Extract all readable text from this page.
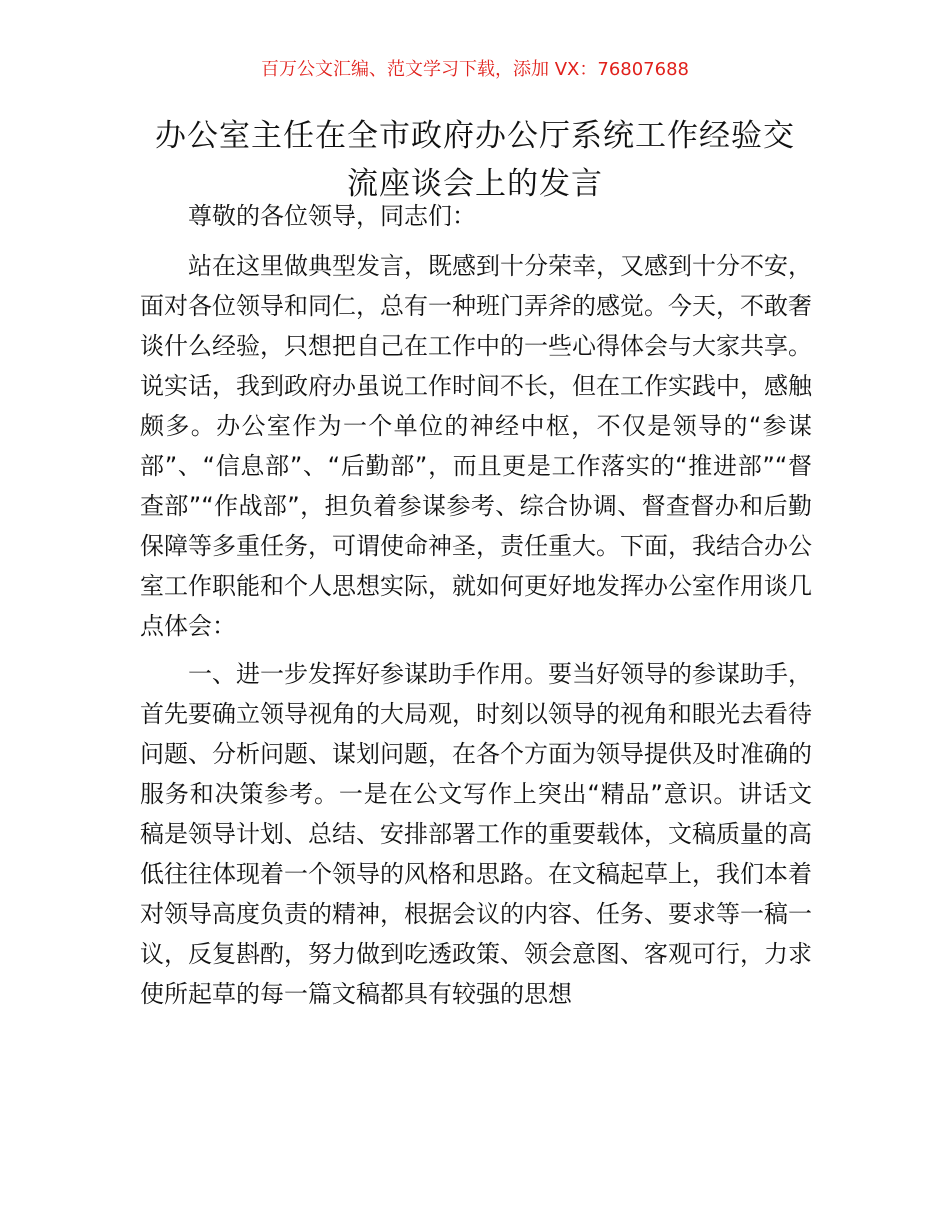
百万公文汇编、范文学习下载，添加 VX：76807688
办公室主任在全市政府办公厅系统工作经验交
流座谈会上的发言

尊敬的各位领导，同志们：

站在这里做典型发言，既感到十分荣幸，又感到十分不安，面对各位领导和同仁，总有一种班门弄斧的感觉。今天，不敢奢谈什么经验，只想把自己在工作中的一些心得体会与大家共享。说实话，我到政府办虽说工作时间不长，但在工作实践中，感触颇多。办公室作为一个单位的神经中枢，不仅是领导的“参谋部”、“信息部”、“后勤部”，而且更是工作落实的“推进部”“督查部”“作战部”，担负着参谋参考、综合协调、督查督办和后勤保障等多重任务，可谓使命神圣，责任重大。下面，我结合办公室工作职能和个人思想实际，就如何更好地发挥办公室作用谈几点体会：

一、进一步发挥好参谋助手作用。要当好领导的参谋助手，首先要确立领导视角的大局观，时刻以领导的视角和眼光去看待问题、分析问题、谋划问题，在各个方面为领导提供及时准确的服务和决策参考。一是在公文写作上突出“精品”意识。讲话文稿是领导计划、总结、安排部署工作的重要载体，文稿质量的高低往往体现着一个领导的风格和思路。在文稿起草上，我们本着对领导高度负责的精神，根据会议的内容、任务、要求等一稿一议，反复斟酌，努力做到吃透政策、领会意图、客观可行，力求使所起草的每一篇文稿都具有较强的思想
